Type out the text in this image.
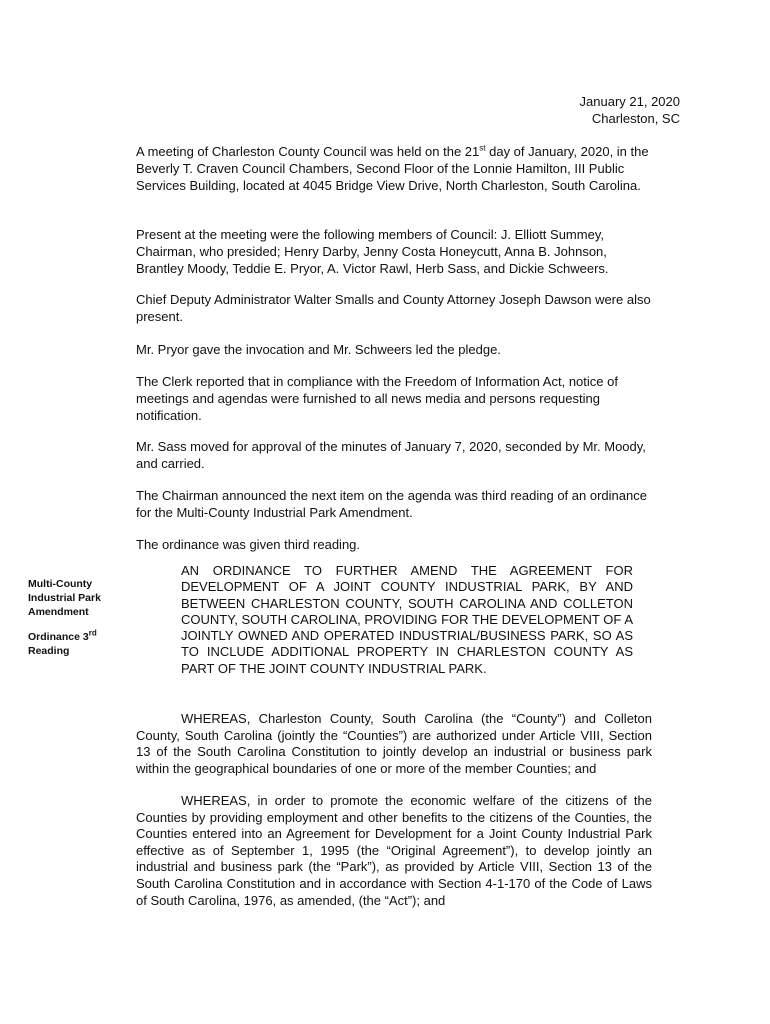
January 21, 2020
Charleston, SC

A meeting of Charleston County Council was held on the 21st day of January, 2020, in the Beverly T. Craven Council Chambers, Second Floor of the Lonnie Hamilton, III Public Services Building, located at 4045 Bridge View Drive, North Charleston, South Carolina.

Present at the meeting were the following members of Council: J. Elliott Summey, Chairman, who presided; Henry Darby, Jenny Costa Honeycutt, Anna B. Johnson, Brantley Moody, Teddie E. Pryor, A. Victor Rawl, Herb Sass, and Dickie Schweers.

Chief Deputy Administrator Walter Smalls and County Attorney Joseph Dawson were also present.

Mr. Pryor gave the invocation and Mr. Schweers led the pledge.

The Clerk reported that in compliance with the Freedom of Information Act, notice of meetings and agendas were furnished to all news media and persons requesting notification.

Mr. Sass moved for approval of the minutes of January 7, 2020, seconded by Mr. Moody, and carried.

The Chairman announced the next item on the agenda was third reading of an ordinance for the Multi-County Industrial Park Amendment.

The ordinance was given third reading.

Multi-County
Industrial Park
Amendment
Ordinance 3rd
Reading

AN ORDINANCE TO FURTHER AMEND THE AGREEMENT FOR DEVELOPMENT OF A JOINT COUNTY INDUSTRIAL PARK, BY AND BETWEEN CHARLESTON COUNTY, SOUTH CAROLINA AND COLLETON COUNTY, SOUTH CAROLINA, PROVIDING FOR THE DEVELOPMENT OF A JOINTLY OWNED AND OPERATED INDUSTRIAL/BUSINESS PARK, SO AS TO INCLUDE ADDITIONAL PROPERTY IN CHARLESTON COUNTY AS PART OF THE JOINT COUNTY INDUSTRIAL PARK.

WHEREAS, Charleston County, South Carolina (the “County”) and Colleton County, South Carolina (jointly the “Counties”) are authorized under Article VIII, Section 13 of the South Carolina Constitution to jointly develop an industrial or business park within the geographical boundaries of one or more of the member Counties; and

WHEREAS, in order to promote the economic welfare of the citizens of the Counties by providing employment and other benefits to the citizens of the Counties, the Counties entered into an Agreement for Development for a Joint County Industrial Park effective as of September 1, 1995 (the “Original Agreement”), to develop jointly an industrial and business park (the “Park”), as provided by Article VIII, Section 13 of the South Carolina Constitution and in accordance with Section 4-1-170 of the Code of Laws of South Carolina, 1976, as amended, (the “Act”); and
